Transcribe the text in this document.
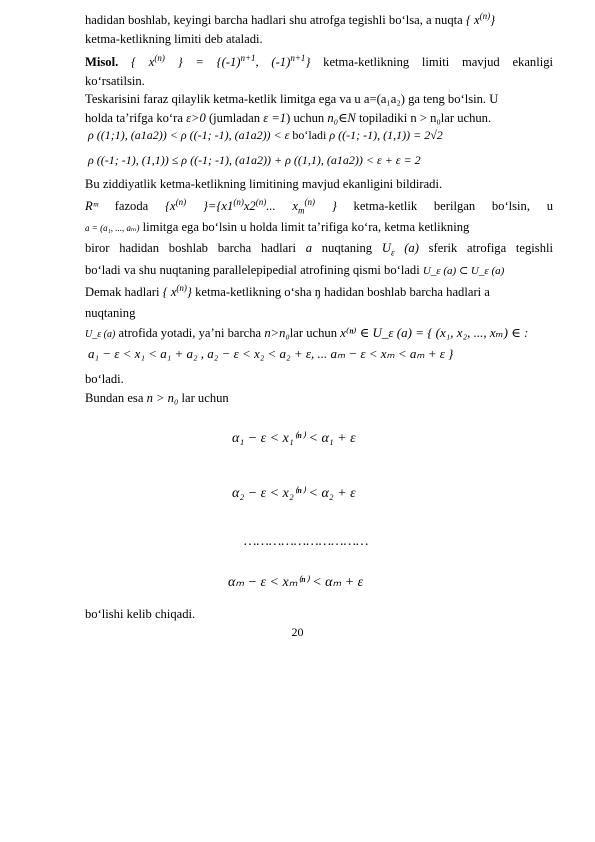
hadidan boshlab, keyingi barcha hadlari shu atrofga tegishli bo‘lsa, a nuqta { $x^{(n)}$}
ketma-ketlikning limiti deb ataladi.
Misol. { $x^{(n)}$ } = {$(-1)^{n+1}$, $(-1)^{n+1}$} ketma-ketlikning limiti mavjud ekanligi
ko‘rsatilsin.
Teskarisini faraz qilaylik ketma-ketlik limitga ega va u a=(a₁a₂) ga teng bo‘lsin. U
holda ta’rifga ko‘ra ε>0 (jumladan ε =1) uchun n₀∈N topiladiki n > n₀lar uchun.
ρ ((1;1), (a1a2)) < ρ ((-1; -1), (a1a2)) < ε bo‘ladi ρ ((-1; -1), (1,1)) = 2√2
ρ ((-1; -1), (1,1)) ≤ ρ ((-1; -1), (a1a2)) + ρ ((1,1), (a1a2)) < ε + ε = 2
Bu ziddiyatlik ketma-ketlikning limitining mavjud ekanligini bildiradi.
Rᵐ fazoda {$x^{(n)}$ }$=\{x1^{(n)}x2^{(n)}$... $x_m^{(n)}$ } ketma-ketlik berilgan bo‘lsin, u
a = (a₁, ..., aₘ) limitga ega bo‘lsin u holda limit ta’rifiga ko‘ra, ketma ketlikning
biror hadidan boshlab barcha hadlari a nuqtaning $U_\varepsilon$ (a) sferik atrofiga tegishli
bo‘ladi va shu nuqtaning parallelepipedial atrofining qismi bo‘ladi U_ε (a) ⊂ U_ε (a)
Demak hadlari { $x^{(n)}$} ketma-ketlikning o‘sha ŋ hadidan boshlab barcha hadlari a
nuqtaning
U_ε (a) atrofida yotadi, ya’ni barcha n>n₀lar uchun x⁽ⁿ⁾ ∈ U_ε (a) = { (x₁, x₂, ..., xₘ) ∈ :
a₁ − ε < x₁ < a₁ + a₂ , a₂ − ε < x₂ < a₂ + ε, ... aₘ − ε < xₘ < aₘ + ε }
bo‘ladi.
Bundan esa n > n₀ lar uchun
α₁ − ε < x₁⁽ⁿ⁾ < α₁ + ε
α₂ − ε < x₂⁽ⁿ⁾ < α₂ + ε
…………………………
αₘ − ε < xₘ⁽ⁿ⁾ < αₘ + ε
bo‘lishi kelib chiqadi.
20
